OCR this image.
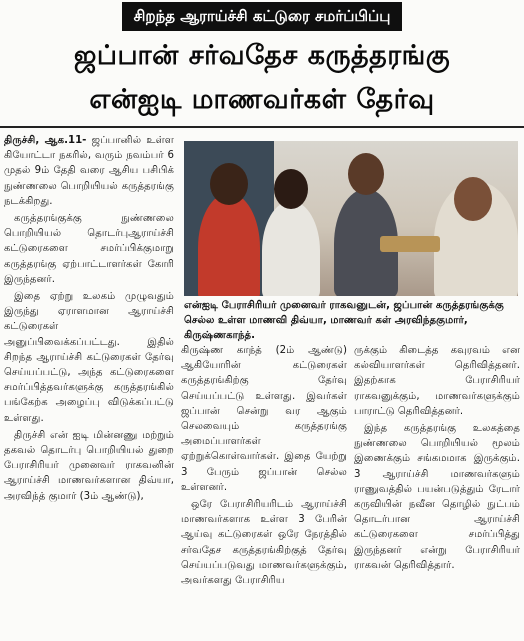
சிறந்த ஆராய்ச்சி கட்டுரை சமர்ப்பிப்பு
ஜப்பான் சர்வதேச கருத்தரங்கு
என்ஐடி மாணவர்கள் தேர்வு

திருச்சி, ஆக.11- ஜப்பானில் உள்ள கியோட்டா நகரில், வரும் நவம்பர் 6 முதல் 9ம் தேதி வரை ஆசிய பசிபிக் நுண்ணலை பொறியியல் கருத்தரங்கு நடக்கிறது.

கருத்தரங்குக்கு நுண்ணலை பொறியியல் தொடர்புஆராய்ச்சி கட்டுரைகளை சமர்ப்பிக்குமாறு கருத்தரங்கு ஏற்பாட்டாளர்கள் கோரி இருந்தனர்.

இதை ஏற்று உலகம் முழுவதும் இருந்து ஏராளமான ஆராய்ச்சி கட்டுரைகள் அனுப்பிவைக்கப்பட்டது. இதில் சிறந்த ஆராய்ச்சி கட்டுரைகள் தேர்வு செய்யப்பட்டு, அந்த கட்டுரைகளை சமர்ப்பித்தவர்களுக்கு கருத்தரங்கில் பங்கேற்க அழைப்பு விடுக்கப்பட்டு உள்ளது.

திருச்சி என் ஐடி மின்னணு மற்றும் தகவல் தொடர்பு பொறியியல் துறை பேராசிரியர் முனைவர் ராகவனின் ஆராய்ச்சி மாணவர்களான திவ்யா, அரவிந்த் குமார் (3ம் ஆண்டு),

என்ஐடி பேராசிரியர் முனைவர் ராகவனுடன், ஜப்பான் கருத்தரங்குக்கு செல்ல உள்ள மாணவி திவ்யா, மாணவர் கள் அரவிந்தகுமார், கிருஷ்ணகாந்த்.

கிருஷ்ண காந்த் (2ம் ஆண்டு) ஆகியோரின் கட்டுரைகள் கருத்தரங்கிற்கு தேர்வு செய்யப்பட்டு உள்ளது. இவர்கள் ஜப்பான் சென்று வர ஆகும் செலவையும் கருத்தரங்கு அமைப்பாளர்கள் ஏற்றுக்கொள்வார்கள். இதை யேற்று 3 பேரும் ஜப்பான் செல்ல உள்ளனர்.

ஒரே பேராசிரியரிடம் ஆராய்ச்சி மாணவர்களாக உள்ள 3 பேரின் ஆய்வு கட்டுரைகள் ஒரே நேரத்தில் சர்வதேச கருத்தரங்கிற்குத் தேர்வு செய்யப்படுவது மாணவர்களுக்கும், அவர்களது பேராசிரிய

ருக்கும் கிடைத்த கவுரவம் என கல்வியாளர்கள் தெரிவித்தனர். இதற்காக பேராசிரியர் ராகவனுக்கும், மாணவர்களுக்கும் பாராட்டு தெரிவித்தனர்.

இந்த கருத்தரங்கு உலகத்தை நுண்ணலை பொறியியல் மூலம் இணைக்கும் சங்கமமாக இருக்கும். 3 ஆராய்ச்சி மாணவர்களும் ராணுவத்தில் பயன்படுத்தும் ரேடார் கருவியின் நவீன தொழில் நுட்பம் தொடர்பான ஆராய்ச்சி கட்டுரைகளை சமர்ப்பித்து இருந்தனர் என்று பேராசிரியர் ராகவன் தெரிவித்தார்.
